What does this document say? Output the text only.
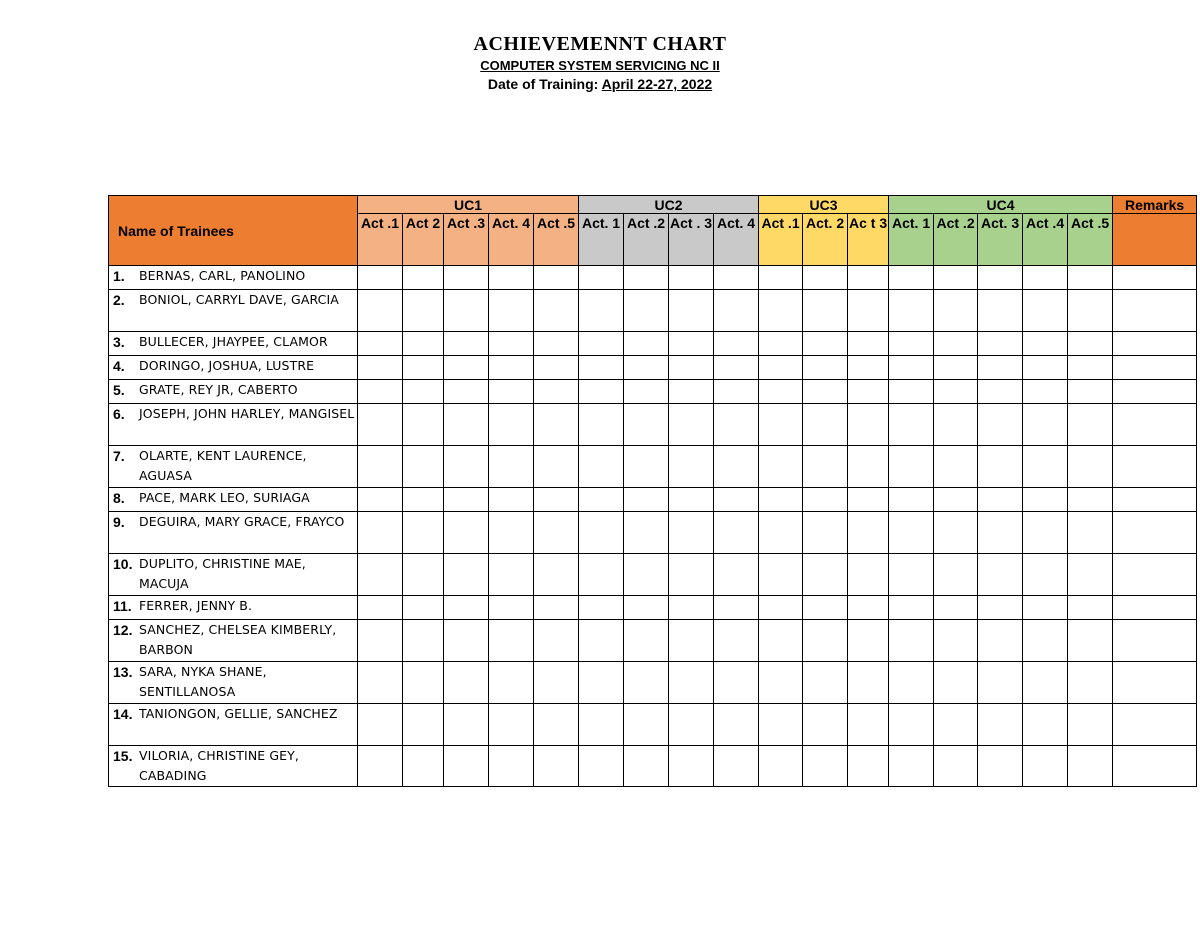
ACHIEVEMENNT CHART
COMPUTER SYSTEM SERVICING NC II
Date of Training: April 22-27, 2022
Name of Trainees	UC1					UC2				UC3			UC4					Remarks
	Act .1	Act 2	Act .3	Act. 4	Act .5	Act. 1	Act .2	Act . 3	Act. 4	Act .1	Act. 2	Ac t 3	Act. 1	Act .2	Act. 3	Act .4	Act .5	

1. BERNAS, CARL, PANOLINO																		

2. BONIOL, CARRYL DAVE, GARCIA																		

3. BULLECER, JHAYPEE, CLAMOR																		

4. DORINGO, JOSHUA, LUSTRE																		

5. GRATE, REY JR, CABERTO																		

6. JOSEPH, JOHN HARLEY, MANGISEL																		

7. OLARTE, KENT LAURENCE, AGUASA																		

8. PACE, MARK LEO, SURIAGA																		

9. DEGUIRA, MARY GRACE, FRAYCO																		

10. DUPLITO, CHRISTINE MAE, MACUJA																		

11. FERRER, JENNY B.																		

12. SANCHEZ, CHELSEA KIMBERLY, BARBON																		

13. SARA, NYKA SHANE, SENTILLANOSA																		

14. TANIONGON, GELLIE, SANCHEZ																		

15. VILORIA, CHRISTINE GEY, CABADING																		
